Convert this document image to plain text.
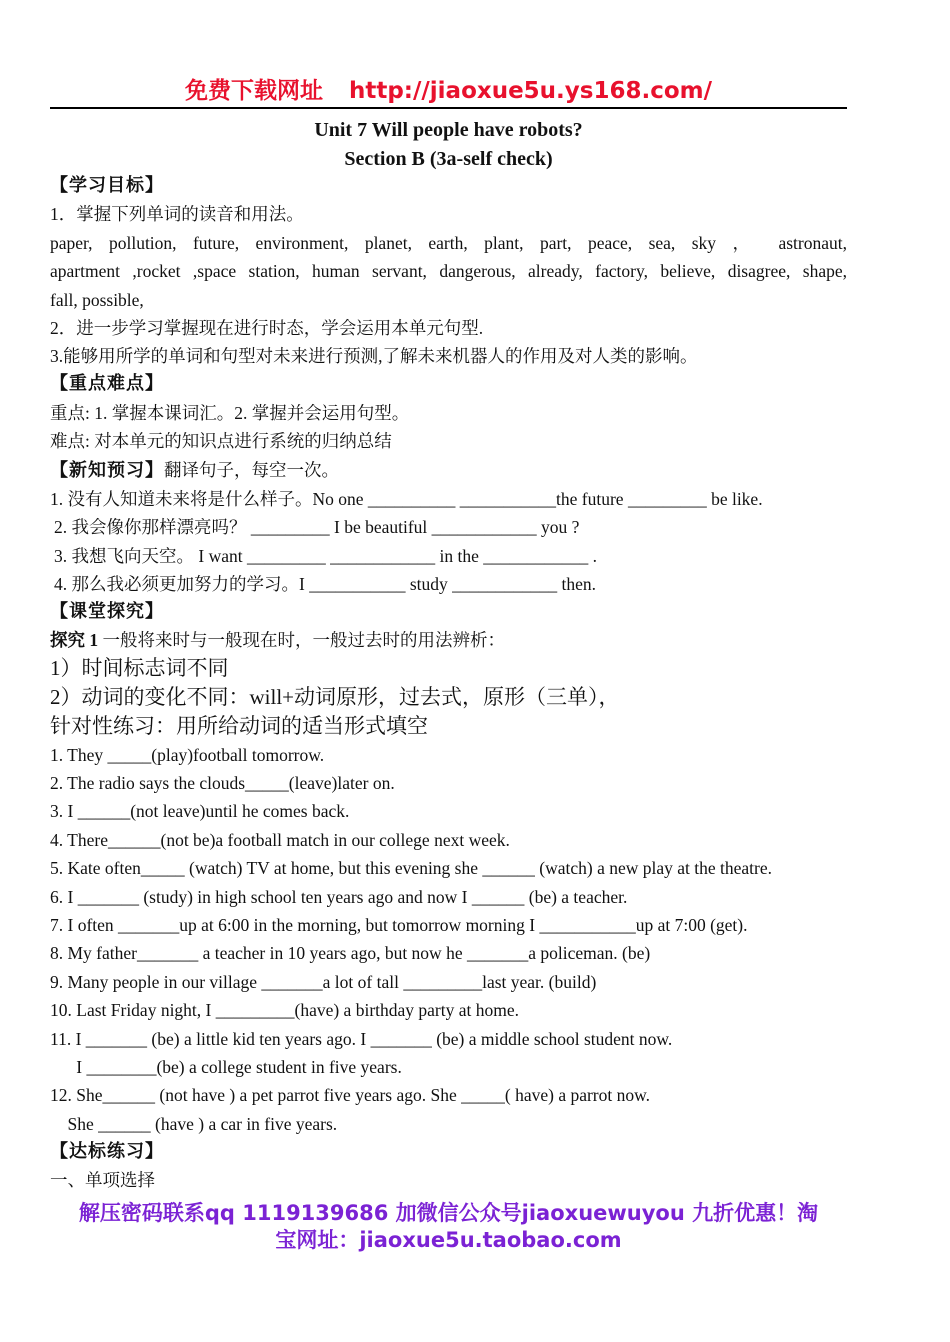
免费下载网址 http://jiaoxue5u.ys168.com/
Unit 7 Will people have robots?
Section B (3a-self check)
【学习目标】
1．掌握下列单词的读音和用法。
paper, pollution, future, environment, planet, earth, plant, part, peace, sea, sky ， astronaut,
apartment ,rocket ,space station, human servant, dangerous, already, factory, believe, disagree, shape,
fall, possible,
2．进一步学习掌握现在进行时态，学会运用本单元句型.
3.能够用所学的单词和句型对未来进行预测,了解未来机器人的作用及对人类的影响。
【重点难点】
重点: 1. 掌握本课词汇。2. 掌握并会运用句型。
难点: 对本单元的知识点进行系统的归纳总结
【新知预习】翻译句子，每空一次。
1. 没有人知道未来将是什么样子。No one __________ ___________the future _________ be like.
2. 我会像你那样漂亮吗？ _________ I be beautiful ____________ you ?
3. 我想飞向天空。 I want _________ ____________ in the ____________ .
4. 那么我必须更加努力的学习。I ___________ study ____________ then.
【课堂探究】
探究 1 一般将来时与一般现在时，一般过去时的用法辨析：
1）时间标志词不同
2）动词的变化不同：will+动词原形，过去式，原形（三单），
针对性练习：用所给动词的适当形式填空
1. They _____(play)football tomorrow.
2. The radio says the clouds_____(leave)later on.
3. I ______(not leave)until he comes back.
4. There______(not be)a football match in our college next week.
5. Kate often_____ (watch) TV at home, but this evening she ______ (watch) a new play at the theatre.
6. I _______ (study) in high school ten years ago and now I ______ (be) a teacher.
7. I often _______up at 6:00 in the morning, but tomorrow morning I ___________up at 7:00 (get).
8. My father_______ a teacher in 10 years ago, but now he _______a policeman. (be)
9. Many people in our village _______a lot of tall _________last year. (build)
10. Last Friday night, I _________(have) a birthday party at home.
11. I _______ (be) a little kid ten years ago. I _______ (be) a middle school student now.
I ________(be) a college student in five years.
12. She______ (not have ) a pet parrot five years ago. She _____( have) a parrot now.
She ______ (have ) a car in five years.
【达标练习】
一、单项选择
解压密码联系qq 1119139686 加微信公众号jiaoxuewuyou 九折优惠！淘
宝网址：jiaoxue5u.taobao.com
